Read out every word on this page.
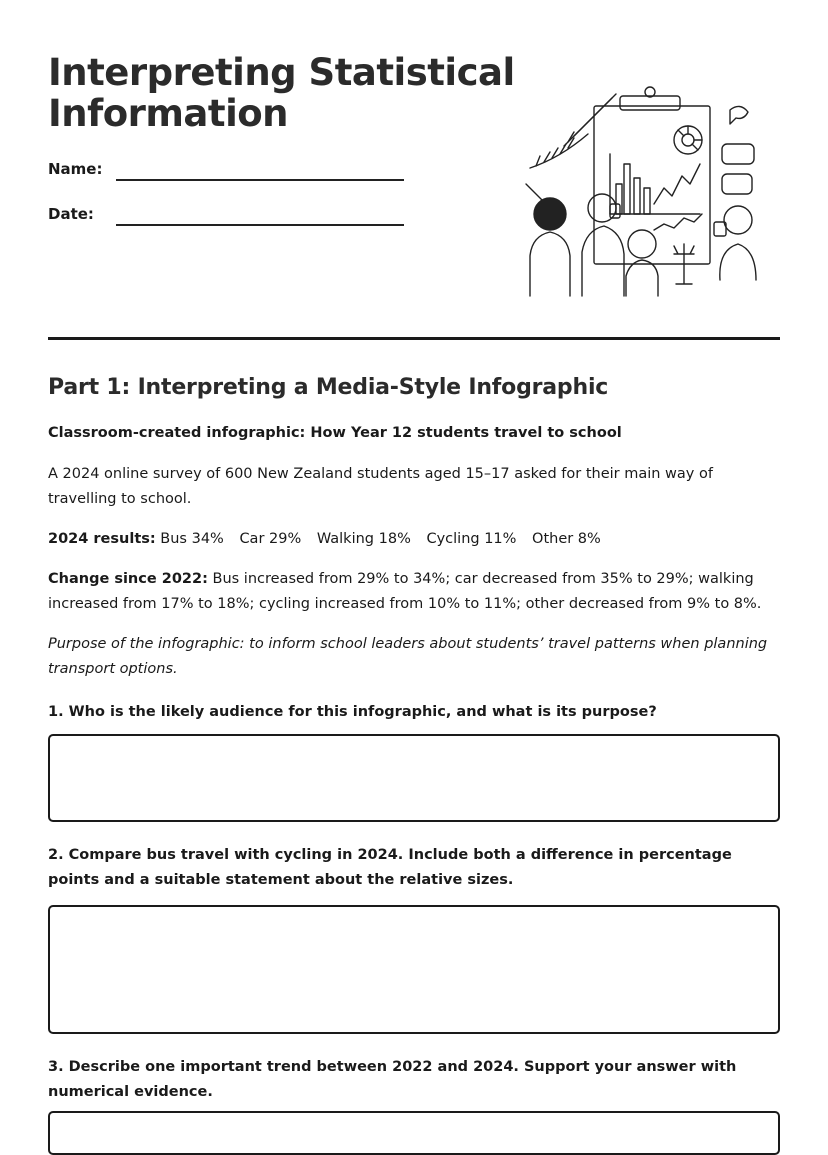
Interpreting Statistical Information
Name:
Date:
Part 1: Interpreting a Media-Style Infographic
Classroom-created infographic: How Year 12 students travel to school
A 2024 online survey of 600 New Zealand students aged 15–17 asked for their main way of travelling to school.
2024 results: Bus 34% Car 29% Walking 18% Cycling 11% Other 8%
Change since 2022: Bus increased from 29% to 34%; car decreased from 35% to 29%; walking increased from 17% to 18%; cycling increased from 10% to 11%; other decreased from 9% to 8%.
Purpose of the infographic: to inform school leaders about students’ travel patterns when planning transport options.
1. Who is the likely audience for this infographic, and what is its purpose?
2. Compare bus travel with cycling in 2024. Include both a difference in percentage points and a suitable statement about the relative sizes.
3. Describe one important trend between 2022 and 2024. Support your answer with numerical evidence.
